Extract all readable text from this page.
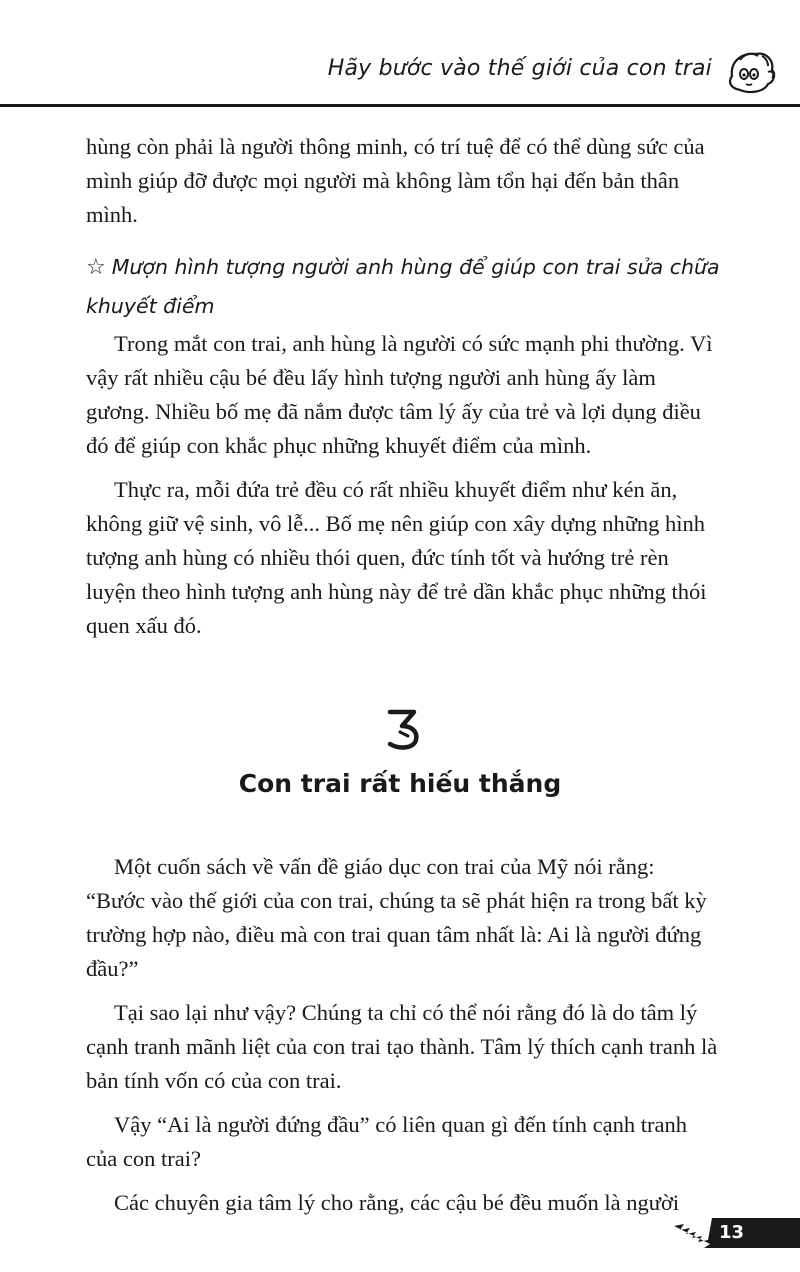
Hãy bước vào thế giới của con trai

hùng còn phải là người thông minh, có trí tuệ để có thể dùng sức của mình giúp đỡ được mọi người mà không làm tổn hại đến bản thân mình.

☆ Mượn hình tượng người anh hùng để giúp con trai sửa chữa khuyết điểm

Trong mắt con trai, anh hùng là người có sức mạnh phi thường. Vì vậy rất nhiều cậu bé đều lấy hình tượng người anh hùng ấy làm gương. Nhiều bố mẹ đã nắm được tâm lý ấy của trẻ và lợi dụng điều đó để giúp con khắc phục những khuyết điểm của mình.

Thực ra, mỗi đứa trẻ đều có rất nhiều khuyết điểm như kén ăn, không giữ vệ sinh, vô lễ... Bố mẹ nên giúp con xây dựng những hình tượng anh hùng có nhiều thói quen, đức tính tốt và hướng trẻ rèn luyện theo hình tượng anh hùng này để trẻ dần khắc phục những thói quen xấu đó.

Con trai rất hiếu thắng

Một cuốn sách về vấn đề giáo dục con trai của Mỹ nói rằng: “Bước vào thế giới của con trai, chúng ta sẽ phát hiện ra trong bất kỳ trường hợp nào, điều mà con trai quan tâm nhất là: Ai là người đứng đầu?”

Tại sao lại như vậy? Chúng ta chỉ có thể nói rằng đó là do tâm lý cạnh tranh mãnh liệt của con trai tạo thành. Tâm lý thích cạnh tranh là bản tính vốn có của con trai.

Vậy “Ai là người đứng đầu” có liên quan gì đến tính cạnh tranh của con trai?

Các chuyên gia tâm lý cho rằng, các cậu bé đều muốn là người

13
